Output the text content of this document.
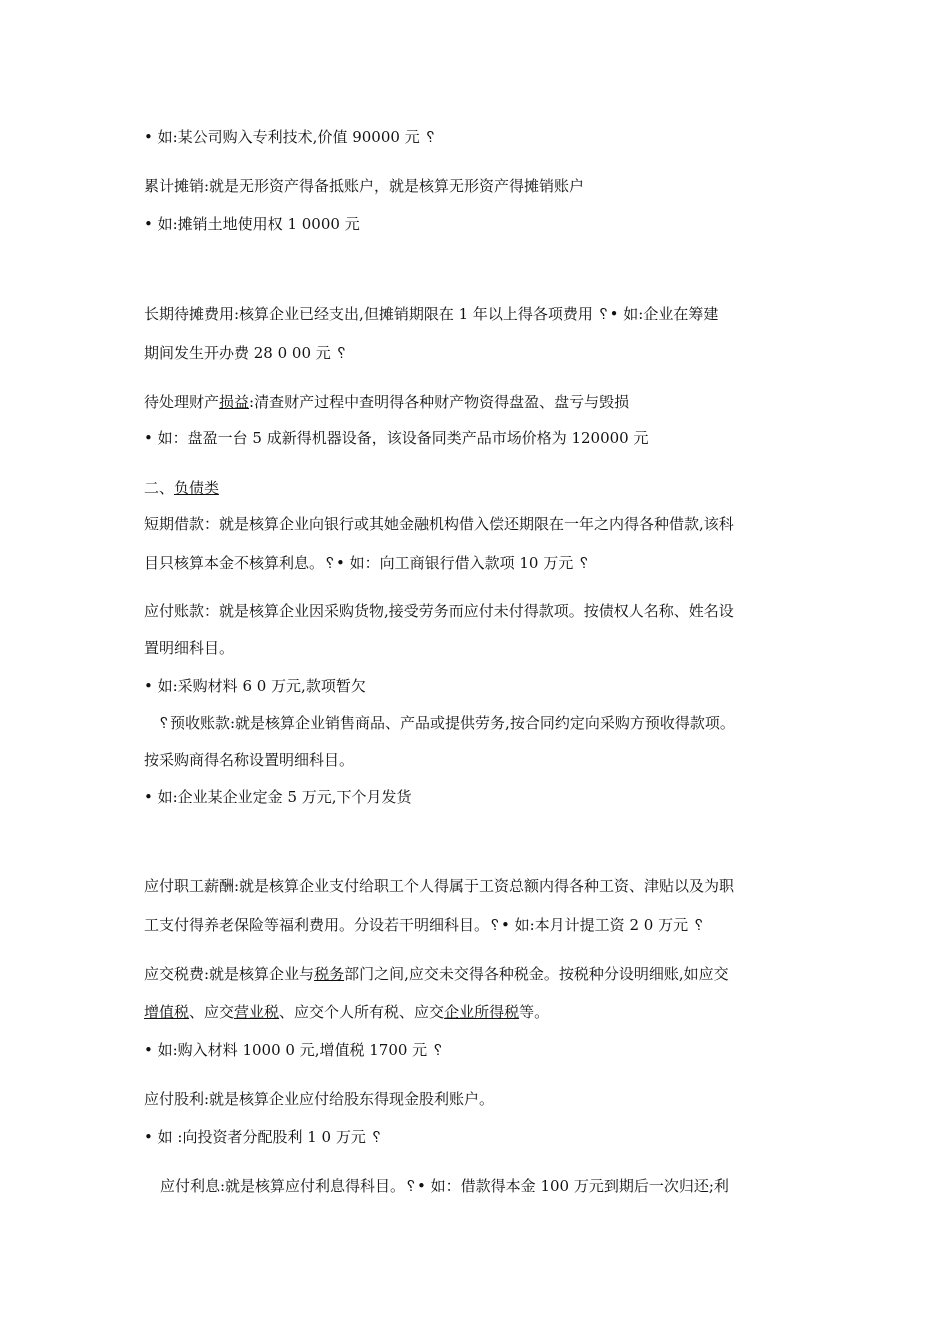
• 如:某公司购入专利技术,价值 90000 元 ␦
累计摊销:就是无形资产得备抵账户，就是核算无形资产得摊销账户
• 如:摊销土地使用权 1 0000 元
长期待摊费用:核算企业已经支出,但摊销期限在 1 年以上得各项费用 ␦• 如:企业在筹建
期间发生开办费 28 0 00 元 ␦
待处理财产损益:清查财产过程中查明得各种财产物资得盘盈、盘亏与毁损
• 如：盘盈一台 5 成新得机器设备，该设备同类产品市场价格为 120000 元
二、负债类
短期借款：就是核算企业向银行或其她金融机构借入偿还期限在一年之内得各种借款,该科
目只核算本金不核算利息。␦• 如：向工商银行借入款项 10 万元 ␦
应付账款：就是核算企业因采购货物,接受劳务而应付未付得款项。按债权人名称、姓名设
置明细科目。
• 如:采购材料 6 0 万元,款项暂欠
␦预收账款:就是核算企业销售商品、产品或提供劳务,按合同约定向采购方预收得款项。
按采购商得名称设置明细科目。
• 如:企业某企业定金 5 万元,下个月发货
应付职工薪酬:就是核算企业支付给职工个人得属于工资总额内得各种工资、津贴以及为职
工支付得养老保险等福利费用。分设若干明细科目。␦• 如:本月计提工资 2 0 万元 ␦
应交税费:就是核算企业与税务部门之间,应交未交得各种税金。按税种分设明细账,如应交
增值税、应交营业税、应交个人所有税、应交企业所得税等。
• 如:购入材料 1000 0 元,增值税 1700 元 ␦
应付股利:就是核算企业应付给股东得现金股利账户。
• 如 :向投资者分配股利 1 0 万元 ␦
应付利息:就是核算应付利息得科目。␦• 如：借款得本金 100 万元到期后一次归还;利
